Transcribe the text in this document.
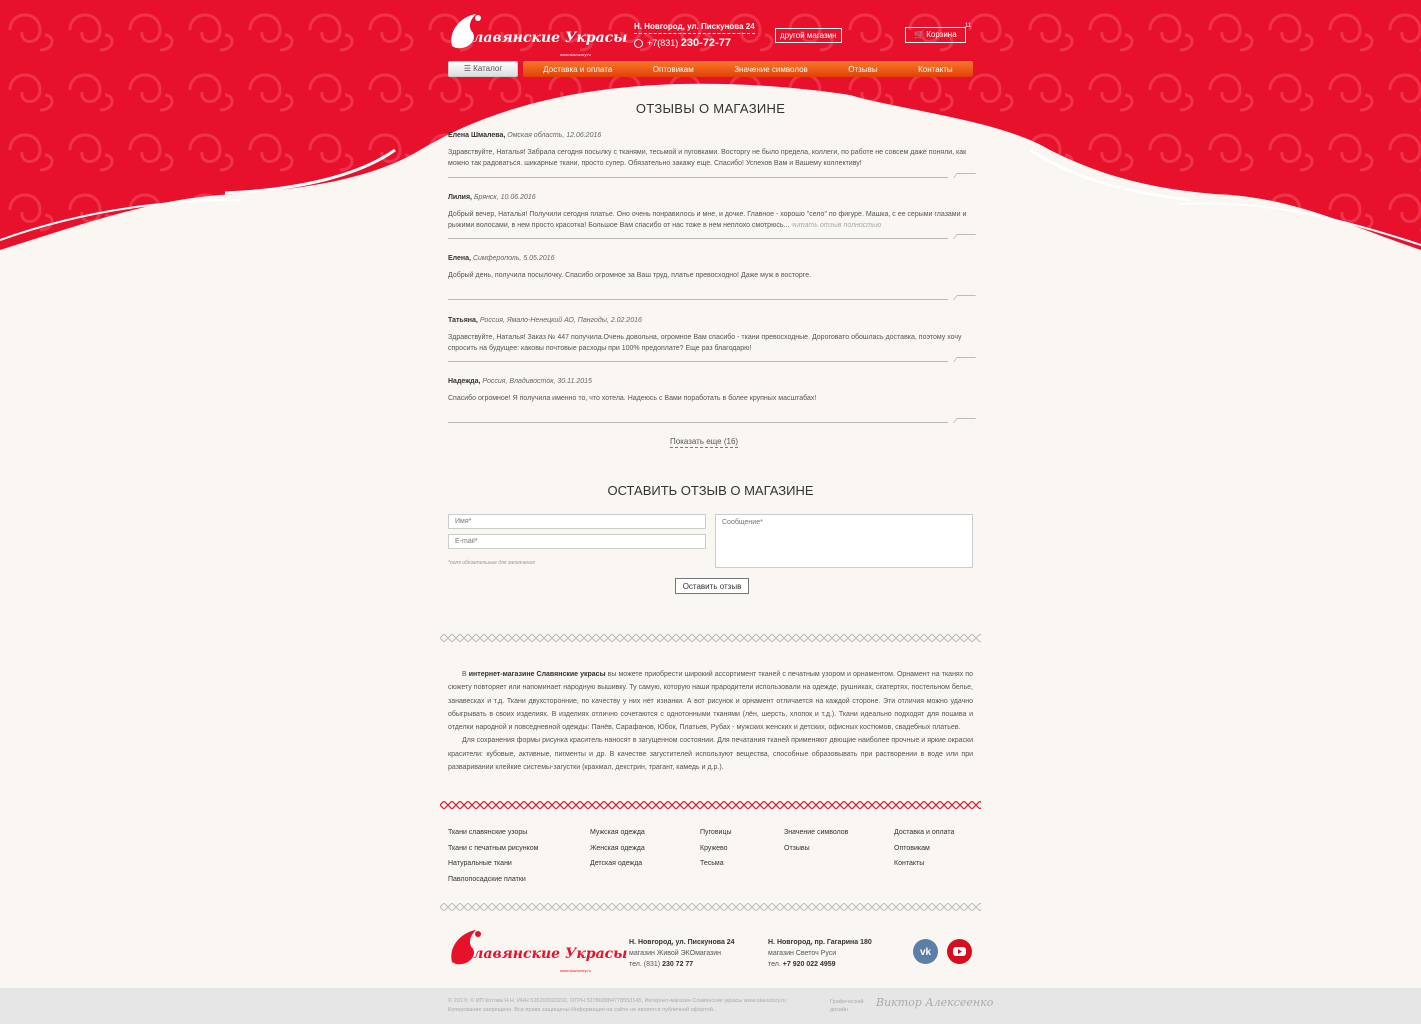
Славянские Украсы
www.slavuzory.ru
Н. Новгород, ул. Пискунова 24
+7(831) 230-72-77
другой магазин	🛒 Корзина
11
☰ Каталог	Доставка и оплата	Оптовикам	Значение символов	Отзывы	Контакты
ОТЗЫВЫ О МАГАЗИНЕ
Елена Шмалева, Омская область, 12.06.2016
Здравствуйте, Наталья! Забрала сегодня посылку с тканями, тесьмой и пуговками. Восторгу не было предела, коллеги, по работе не совсем даже поняли, как можно так радоваться. шикарные ткани, просто супер. Обязательно закажу еще. Спасибо! Успехов Вам и Вашему коллективу!
Лилия, Брянск, 10.06.2016
Добрый вечер, Наталья! Получили сегодня платье. Оно очень понравилось и мне, и дочке. Главное - хорошо "село" по фигуре. Машка, с ее серыми глазами и рыжими волосами, в нем просто красотка! Большое Вам спасибо от нас тоже в нем неплохо смотрюсь... читать отзыв полностью
Елена, Симферополь, 5.05.2016
Добрый день, получила посылочку. Спасибо огромное за Ваш труд, платье превосходно! Даже муж в восторге.
Татьяна, Россия, Ямало-Ненецкий АО, Пангоды, 2.02.2016
Здравствуйте, Наталья! Заказ № 447 получила.Очень довольна, огромное Вам спасибо - ткани превосходные. Дороговато обошлась доставка, поэтому хочу спросить на будущее: каковы почтовые расходы при 100% предоплате? Еще раз благодарю!
Надежда, Россия, Владивосток, 30.11.2015
Спасибо огромное! Я получила именно то, что хотела. Надеюсь с Вами поработать в более крупных масштабах!
Показать еще (16)
ОСТАВИТЬ ОТЗЫВ О МАГАЗИНЕ
Имя*
E-mail*
Сообщение*
*поля обязательные для заполнения
Оставить отзыв

В интернет-магазине Славянские украсы вы можете приобрести широкий ассортимент тканей с печатным узором и орнаментом. Орнамент на тканях по сюжету повторяет или напоминает народную вышивку. Ту самую, которую наши прародители использовали на одежде, рушниках, скатертях, постельном белье, занавесках и т.д. Ткани двухсторонние, по качеству у них нет изнанки. А вот рисунок и орнамент отличается на каждой стороне. Эти отличия можно удачно обыгрывать в своих изделиях. В изделиях отлично сочетаются с однотонными тканями (лён, шерсть, хлопок и т.д.). Ткани идеально подходят для пошива и отделки народной и повседневной одежды: Панёв, Сарафанов, Юбок, Платьев, Рубах - мужских женских и детских, офисных костюмов, свадебных платьев.

Для сохранения формы рисунка краситель наносят в загущенном состоянии. Для печатания тканей применяют двющие наиболее прочные и яркие окраски красители: кубовые, активные, пигменты и др. В качестве загустителей используют вещества, способные образовывать при растворении в воде или при разваривании клейкие системы-загустки (крахмал, декстрин, трагант, камедь и д.р.).

Ткани славянские узоры
Ткани с печатным рисунком
Натуральные ткани
Павлопосадские платки
Мужская одежда
Женская одежда
Детская одежда
Пуговицы
Кружево
Тесьма
Значение символов
Отзывы
Доставка и оплата
Оптовикам
Контакты
Славянские Украсы
www.slavuzory.ru
Н. Новгород, ул. Пискунова 24
магазин Живой ЭКОмагазин
тел. (831) 230 72 77
Н. Новгород, пр. Гагарина 180
магазин Светоч Руси
тел. +7 920 022 4959
vk
© 2017г. © ИП Котова Н.Н. ИНН 526202020202, ОГРН 527868884778553145, Интернет-магазин Славянские украсы www.slavuzory.ru Копирование запрещено. Все права защищены Информация на сайте не является публичной офертой.
Графический дизайн
Виктор Алексеенко
